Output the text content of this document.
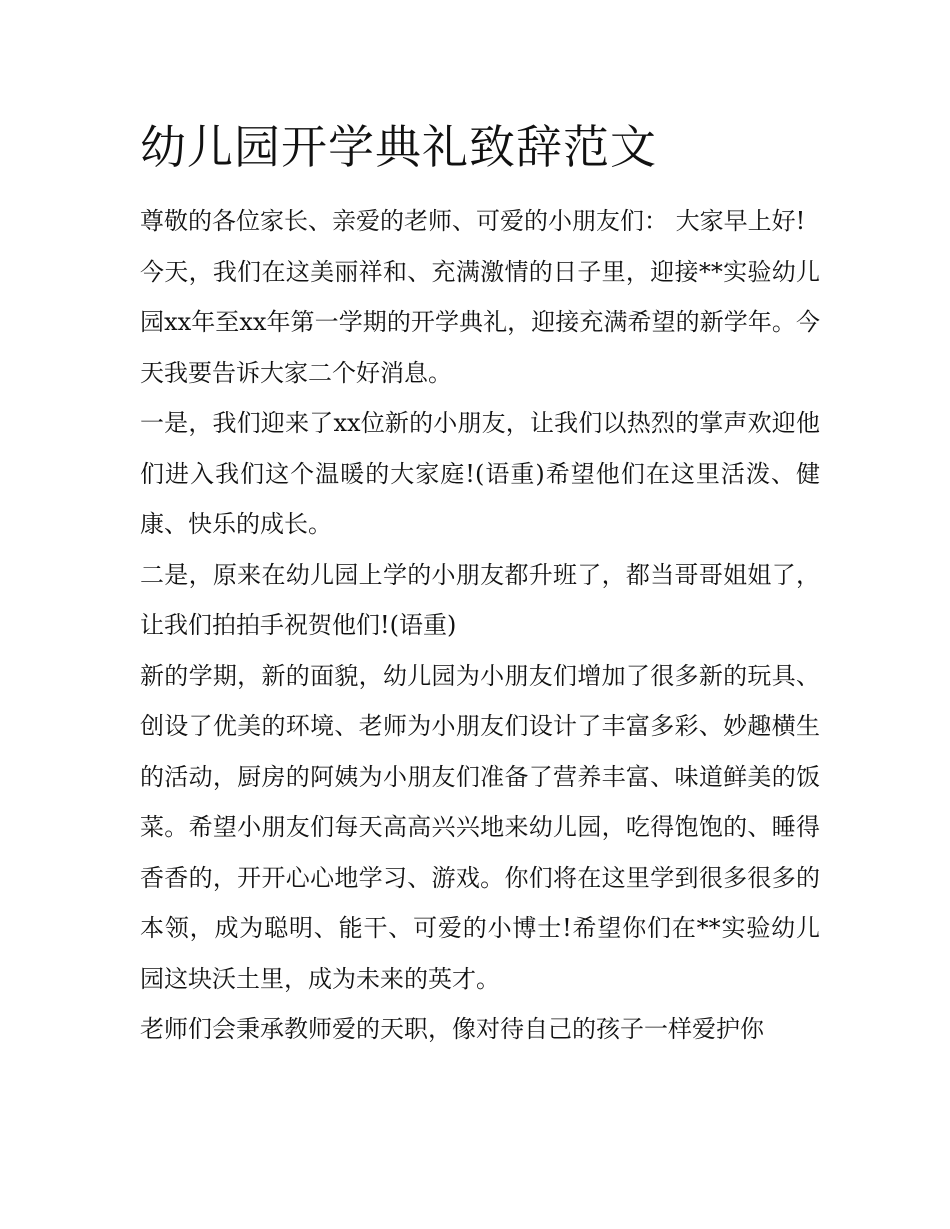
幼儿园开学典礼致辞范文

尊敬的各位家长、亲爱的老师、可爱的小朋友们： 大家早上好!

今天，我们在这美丽祥和、充满激情的日子里，迎接**实验幼儿园xx年至xx年第一学期的开学典礼，迎接充满希望的新学年。今天我要告诉大家二个好消息。

一是，我们迎来了xx位新的小朋友，让我们以热烈的掌声欢迎他们进入我们这个温暖的大家庭!(语重)希望他们在这里活泼、健康、快乐的成长。

二是，原来在幼儿园上学的小朋友都升班了，都当哥哥姐姐了，让我们拍拍手祝贺他们!(语重)

新的学期，新的面貌，幼儿园为小朋友们增加了很多新的玩具、创设了优美的环境、老师为小朋友们设计了丰富多彩、妙趣横生的活动，厨房的阿姨为小朋友们准备了营养丰富、味道鲜美的饭菜。希望小朋友们每天高高兴兴地来幼儿园，吃得饱饱的、睡得香香的，开开心心地学习、游戏。你们将在这里学到很多很多的本领，成为聪明、能干、可爱的小博士!希望你们在**实验幼儿园这块沃土里，成为未来的英才。

老师们会秉承教师爱的天职，像对待自己的孩子一样爱护你
